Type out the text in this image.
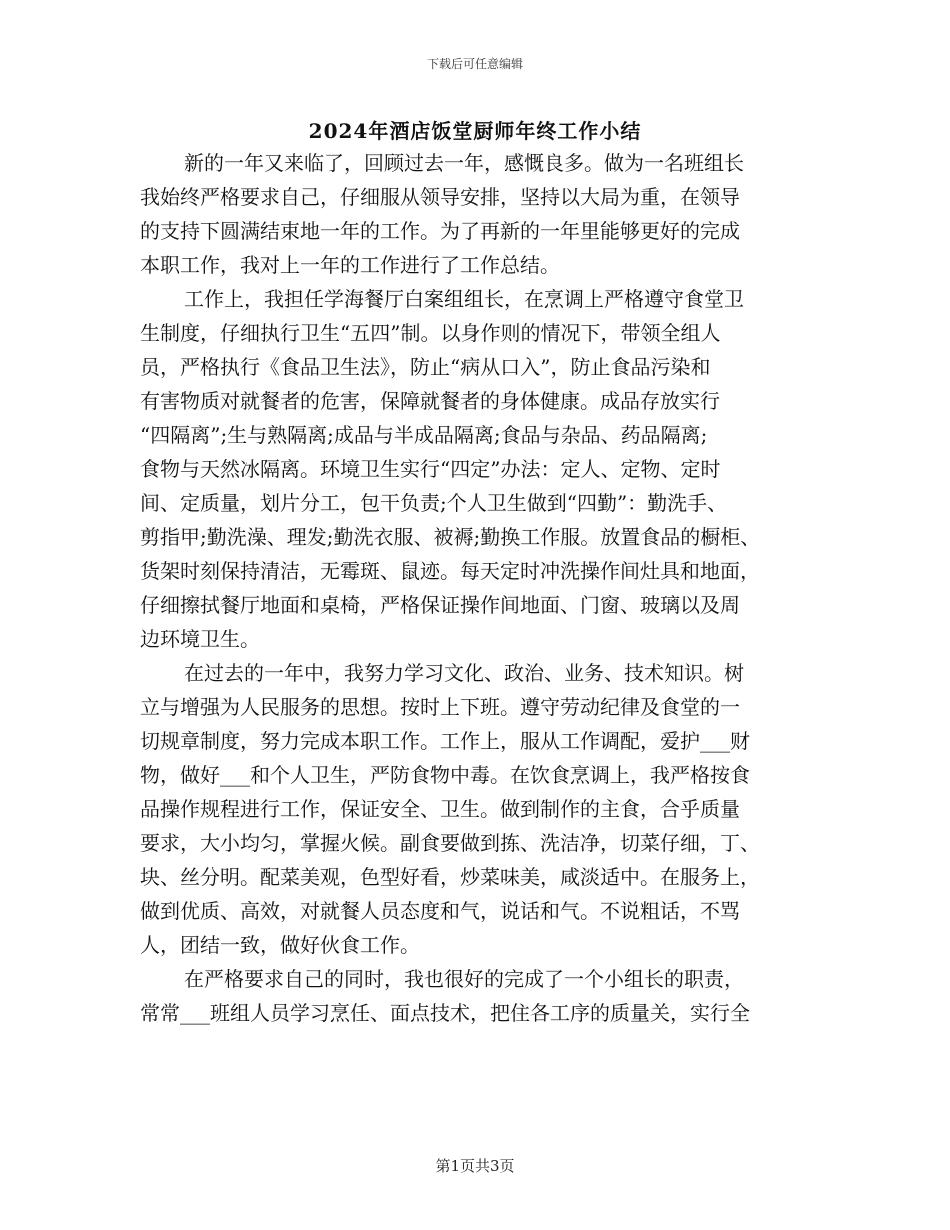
下载后可任意编辑
2024年酒店饭堂厨师年终工作小结

新的一年又来临了，回顾过去一年，感慨良多。做为一名班组长
我始终严格要求自己，仔细服从领导安排，坚持以大局为重，在领导
的支持下圆满结束地一年的工作。为了再新的一年里能够更好的完成
本职工作，我对上一年的工作进行了工作总结。

工作上，我担任学海餐厅白案组组长，在烹调上严格遵守食堂卫
生制度，仔细执行卫生“五四”制。以身作则的情况下，带领全组人
员，严格执行《食品卫生法》，防止“病从口入”，防止食品污染和
有害物质对就餐者的危害，保障就餐者的身体健康。成品存放实行
“四隔离”;生与熟隔离;成品与半成品隔离;食品与杂品、药品隔离;
食物与天然冰隔离。环境卫生实行“四定”办法：定人、定物、定时
间、定质量，划片分工，包干负责;个人卫生做到“四勤”：勤洗手、
剪指甲;勤洗澡、理发;勤洗衣服、被褥;勤换工作服。放置食品的橱柜、
货架时刻保持清洁，无霉斑、鼠迹。每天定时冲洗操作间灶具和地面，
仔细擦拭餐厅地面和桌椅，严格保证操作间地面、门窗、玻璃以及周
边环境卫生。

在过去的一年中，我努力学习文化、政治、业务、技术知识。树
立与增强为人民服务的思想。按时上下班。遵守劳动纪律及食堂的一
切规章制度，努力完成本职工作。工作上，服从工作调配，爱护___财
物，做好___和个人卫生，严防食物中毒。在饮食烹调上，我严格按食
品操作规程进行工作，保证安全、卫生。做到制作的主食，合乎质量
要求，大小均匀，掌握火候。副食要做到拣、洗洁净，切菜仔细，丁、
块、丝分明。配菜美观，色型好看，炒菜味美，咸淡适中。在服务上，
做到优质、高效，对就餐人员态度和气，说话和气。不说粗话，不骂
人，团结一致，做好伙食工作。

在严格要求自己的同时，我也很好的完成了一个小组长的职责，
常常___班组人员学习烹任、面点技术，把住各工序的质量关，实行全

第1页共3页
